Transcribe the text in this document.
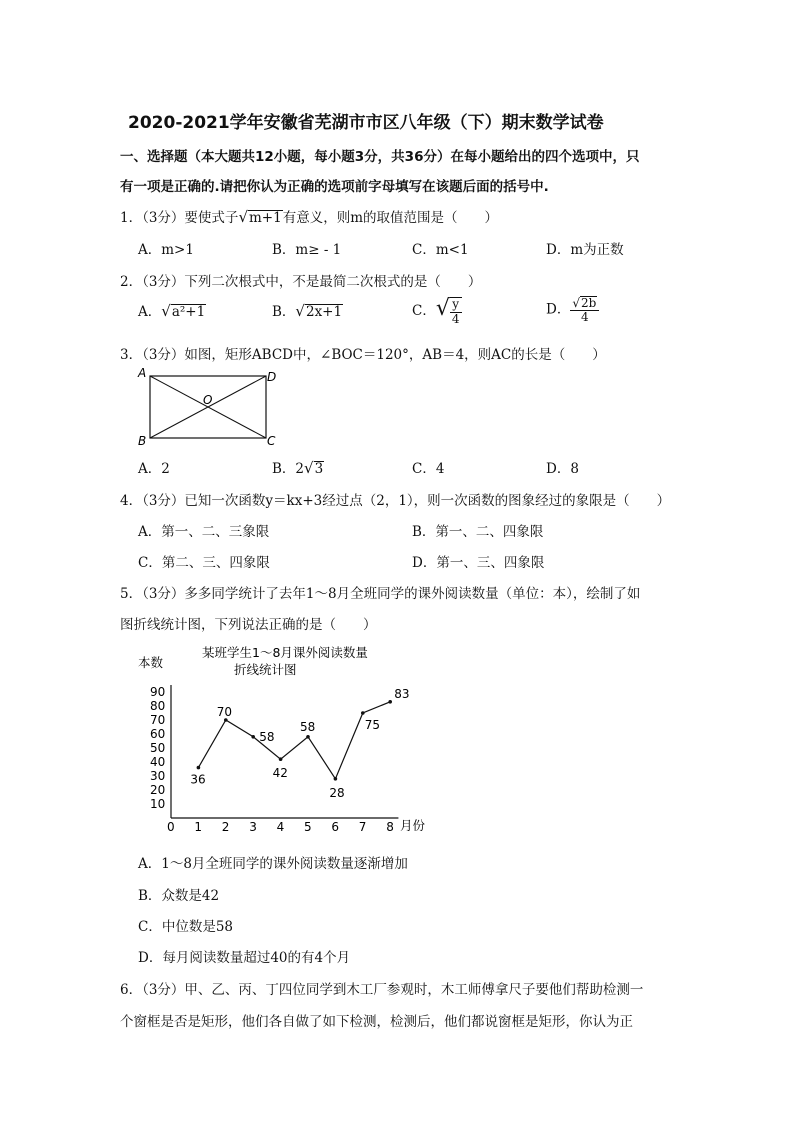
2020-2021学年安徽省芜湖市市区八年级（下）期末数学试卷
一、选择题（本大题共12小题，每小题3分，共36分）在每小题给出的四个选项中，只
有一项是正确的.请把你认为正确的选项前字母填写在该题后面的括号中.
1．（3分）要使式子√m+1有意义，则m的取值范围是（　　）
A．m>1	B．m≥ - 1	C．m<1	D．m为正数
2．（3分）下列二次根式中，不是最简二次根式的是（　　）
A．√a²+1	B．√2x+1	C．√ $\frac{y}{4}$	D． $\frac{√2b}{4}$
3．（3分）如图，矩形ABCD中，∠BOC＝120°，AB＝4，则AC的长是（　　）
A
B	C
D
O
A．2	B．2√3	C．4	D．8
4．（3分）已知一次函数y＝kx+3经过点（2，1），则一次函数的图象经过的象限是（　　）
A．第一、二、三象限	B．第一、二、四象限
C．第二、三、四象限	D．第一、三、四象限
5．（3分）多多同学统计了去年1～8月全班同学的课外阅读数量（单位：本），绘制了如
图折线统计图，下列说法正确的是（　　）
某班学生1～8月课外阅读数量
折线统计图
本数
月份
0 1 2 3 4 5 6 7 8
10
20
30
40
50
60
70
80
90
36
70
58
42
58
28
75
83
A．1～8月全班同学的课外阅读数量逐渐增加
B．众数是42
C．中位数是58
D．每月阅读数量超过40的有4个月
6．（3分）甲、乙、丙、丁四位同学到木工厂参观时，木工师傅拿尺子要他们帮助检测一
个窗框是否是矩形，他们各自做了如下检测，检测后，他们都说窗框是矩形，你认为正
